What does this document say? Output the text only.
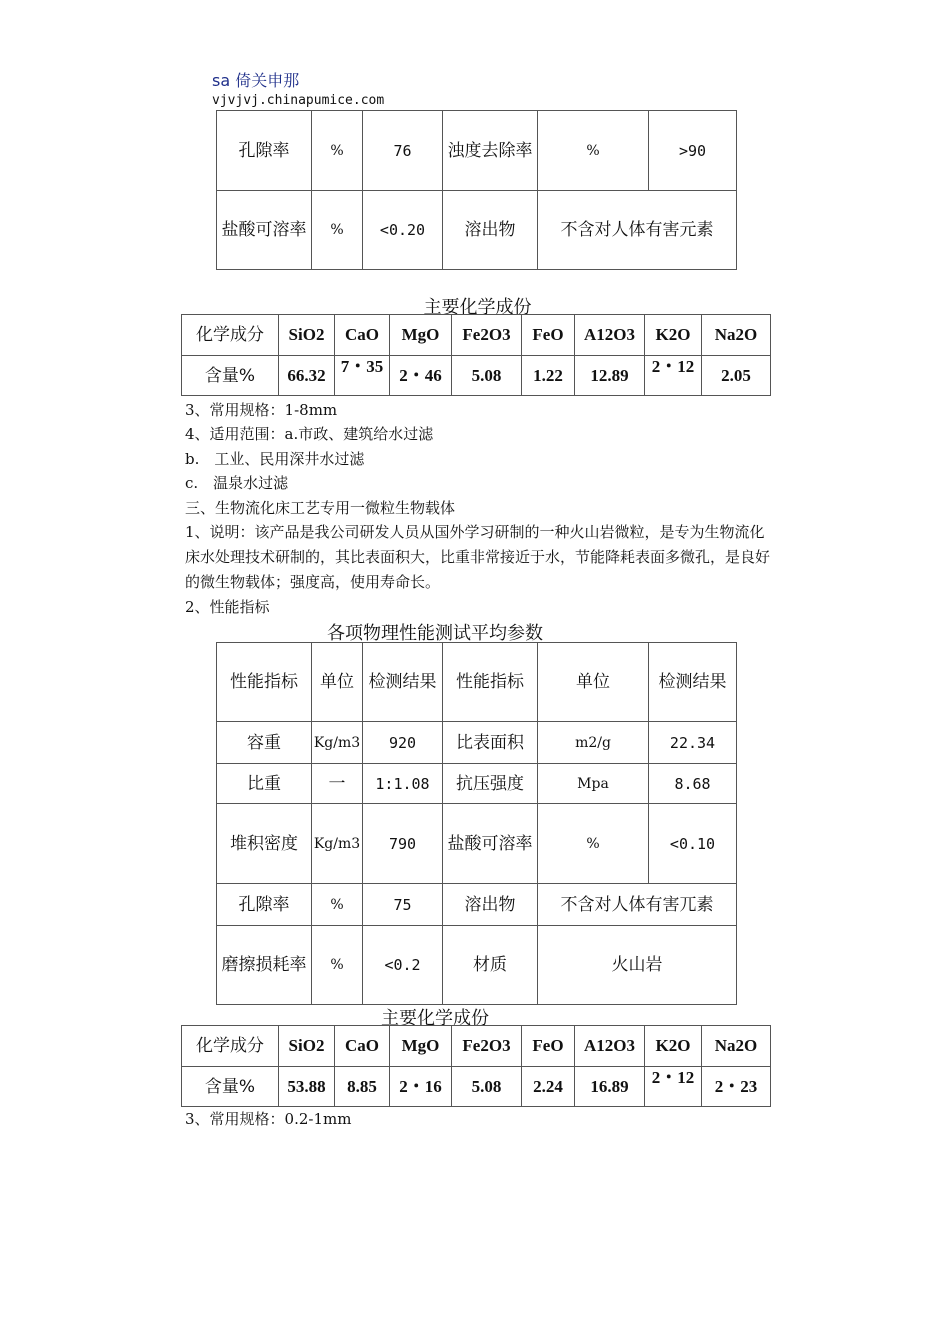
sa 倚关申那
vjvjvj.chinapumice.com
孔隙率	%	76	浊度去除率	%	>90
盐酸可溶率	%	<0.20	溶出物	不含对人体有害元素	
主要化学成份
化学成分	SiO2	CaO	MgO	Fe2O3	FeO	A12O3	K2O	Na2O
含量%	66.32	7・35	2・46	5.08	1.22	12.89	2・12	2.05
3、常用规格：1-8mm
4、适用范围：a.市政、建筑给水过滤
b.　工业、民用深井水过滤
c.　温泉水过滤
三、生物流化床工艺专用一微粒生物载体
1、说明：该产品是我公司研发人员从国外学习研制的一种火山岩微粒，是专为生物流化床水处理技术研制的，其比表面积大，比重非常接近于水，节能降耗表面多微孔，是良好的微生物载体；强度高，使用寿命长。
2、性能指标
各项物理性能测试平均参数
性能指标	单位	检测结果	性能指标	单位	检测结果
容重	Kg/m3	920	比表面积	m2/g	22.34
比重	一	1:1.08	抗压强度	Mpa	8.68
堆积密度	Kg/m3	790	盐酸可溶率	%	<0.10
孔隙率	%	75	溶出物	不含对人体有害兀素	
磨擦损耗率	%	<0.2	材质	火山岩	
主要化学成份
化学成分	SiO2	CaO	MgO	Fe2O3	FeO	A12O3	K2O	Na2O
含量%	53.88	8.85	2・16	5.08	2.24	16.89	2・12	2・23
3、常用规格：0.2-1mm
